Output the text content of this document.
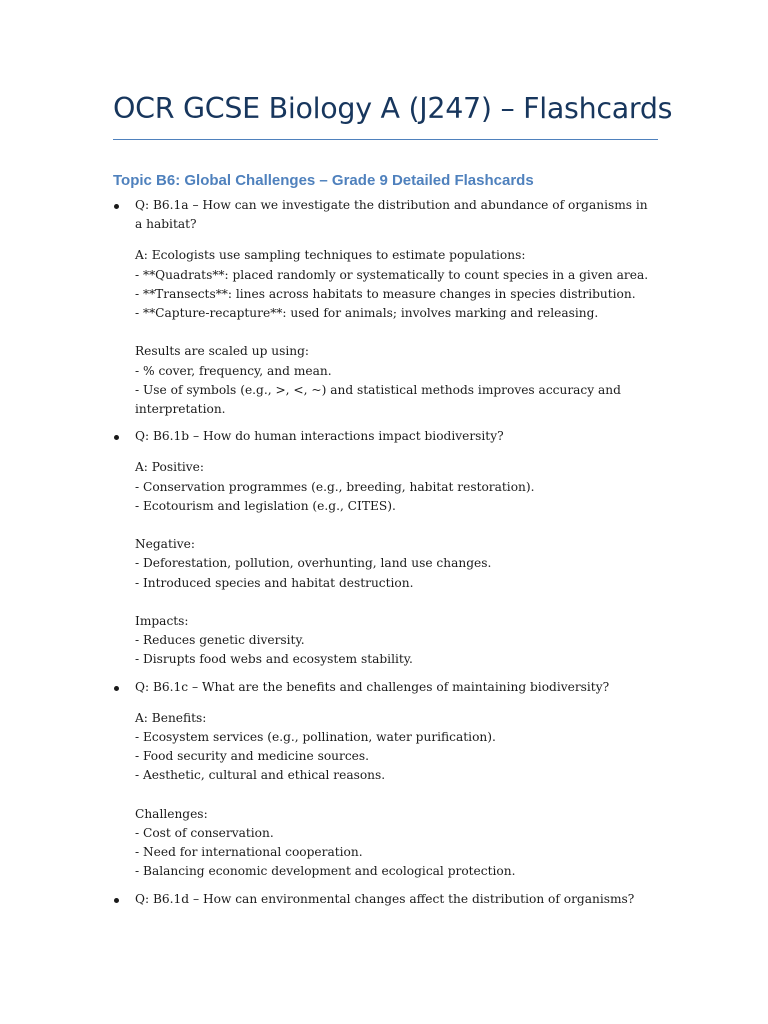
OCR GCSE Biology A (J247) – Flashcards
Topic B6: Global Challenges – Grade 9 Detailed Flashcards
Q: B6.1a – How can we investigate the distribution and abundance of organisms in a habitat?
A: Ecologists use sampling techniques to estimate populations:
- **Quadrats**: placed randomly or systematically to count species in a given area.
- **Transects**: lines across habitats to measure changes in species distribution.
- **Capture-recapture**: used for animals; involves marking and releasing.
Results are scaled up using:
- % cover, frequency, and mean.
- Use of symbols (e.g., >, <, ~) and statistical methods improves accuracy and interpretation.
Q: B6.1b – How do human interactions impact biodiversity?
A: Positive:
- Conservation programmes (e.g., breeding, habitat restoration).
- Ecotourism and legislation (e.g., CITES).
Negative:
- Deforestation, pollution, overhunting, land use changes.
- Introduced species and habitat destruction.
Impacts:
- Reduces genetic diversity.
- Disrupts food webs and ecosystem stability.
Q: B6.1c – What are the benefits and challenges of maintaining biodiversity?
A: Benefits:
- Ecosystem services (e.g., pollination, water purification).
- Food security and medicine sources.
- Aesthetic, cultural and ethical reasons.
Challenges:
- Cost of conservation.
- Need for international cooperation.
- Balancing economic development and ecological protection.
Q: B6.1d – How can environmental changes affect the distribution of organisms?
